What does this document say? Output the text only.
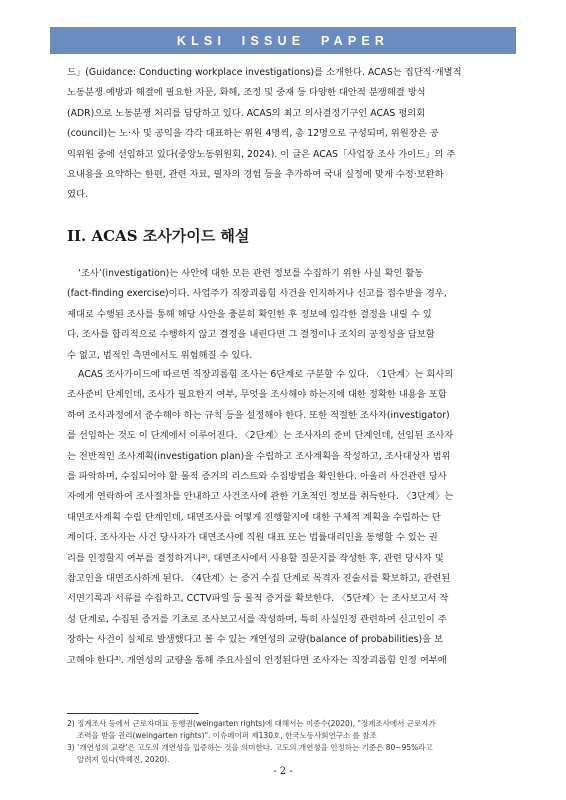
KLSI ISSUE PAPER
드」(Guidance: Conducting workplace investigations)를 소개한다. ACAS는 집단적·개별적
노동분쟁 예방과 해결에 필요한 자문, 화해, 조정 및 중재 등 다양한 대안적 분쟁해결 방식
(ADR)으로 노동분쟁 처리를 담당하고 있다. ACAS의 최고 의사결정기구인 ACAS 평의회
(council)는 노·사 및 공익을 각각 대표하는 위원 4명씩, 총 12명으로 구성되며, 위원장은 공
익위원 중에 선임하고 있다(중앙노동위원회, 2024). 이 글은 ACAS「사업장 조사 가이드」의 주
요내용을 요약하는 한편, 관련 자료, 필자의 경험 등을 추가하여 국내 실정에 맞게 수정·보완하
였다.
II. ACAS 조사가이드 해설
‘조사’(investigation)는 사안에 대한 모든 관련 정보를 수집하기 위한 사실 확인 활동
(fact-finding exercise)이다. 사업주가 직장괴롭힘 사건을 인지하거나 신고를 접수받을 경우,
제대로 수행된 조사를 통해 해당 사안을 충분히 확인한 후 정보에 입각한 결정을 내릴 수 있
다. 조사를 합리적으로 수행하지 않고 결정을 내린다면 그 결정이나 조치의 공정성을 담보할
수 없고, 법적인 측면에서도 위험해질 수 있다.
ACAS 조사가이드에 따르면 직장괴롭힘 조사는 6단계로 구분할 수 있다. 〈1단계〉는 회사의
조사준비 단계인데, 조사가 필요한지 여부, 무엇을 조사해야 하는지에 대한 정확한 내용을 포함
하여 조사과정에서 준수해야 하는 규칙 등을 설정해야 한다. 또한 적절한 조사자(investigator)
를 선임하는 것도 이 단계에서 이루어진다. 〈2단계〉는 조사자의 준비 단계인데, 선임된 조사자
는 전반적인 조사계획(investigation plan)을 수립하고 조사계획을 작성하고, 조사대상자 범위
를 파악하며, 수집되어야 할 물적 증거의 리스트와 수집방법을 확인한다. 아울러 사건관련 당사
자에게 연락하여 조사절차를 안내하고 사건조사에 관한 기초적인 정보를 취득한다. 〈3단계〉는
대면조사계획 수립 단계인데, 대면조사를 어떻게 진행할지에 대한 구체적 계획을 수립하는 단
계이다. 조사자는 사건 당사자가 대면조사에 직원 대표 또는 법률대리인을 동행할 수 있는 권
리를 인정할지 여부를 결정하거나²⁾, 대면조사에서 사용할 질문지를 작성한 후, 관련 당사자 및
참고인을 대면조사하게 된다. 〈4단계〉는 증거 수집 단계로 목격자 진술서를 확보하고, 관련된
서면기록과 서류를 수집하고, CCTV파일 등 물적 증거를 확보한다. 〈5단계〉는 조사보고서 작
성 단계로, 수집된 증거를 기초로 조사보고서를 작성하며, 특히 사실인정 관련하여 신고인이 주
장하는 사건이 실제로 발생했다고 볼 수 있는 개연성의 교량(balance of probabilities)을 보
고해야 한다³⁾. 개연성의 교량을 통해 주요사실이 인정된다면 조사자는 직장괴롭힘 인정 여부에
2) 징계조사 등에서 근로자대표 동행권(weingarten rights)에 대해서는 이종수(2020), "징계조사에서 근로자가
조력을 받을 권리(weingarten rights)". 이슈페이퍼 제130호, 한국노동사회연구소 를 참조
3) ‘개연성의 교량’은 고도의 개연성을 입증하는 것을 의미한다. 고도의 개연성을 인정하는 기준은 80~95%라고
알려져 있다(박혜진, 2020).
- 2 -
